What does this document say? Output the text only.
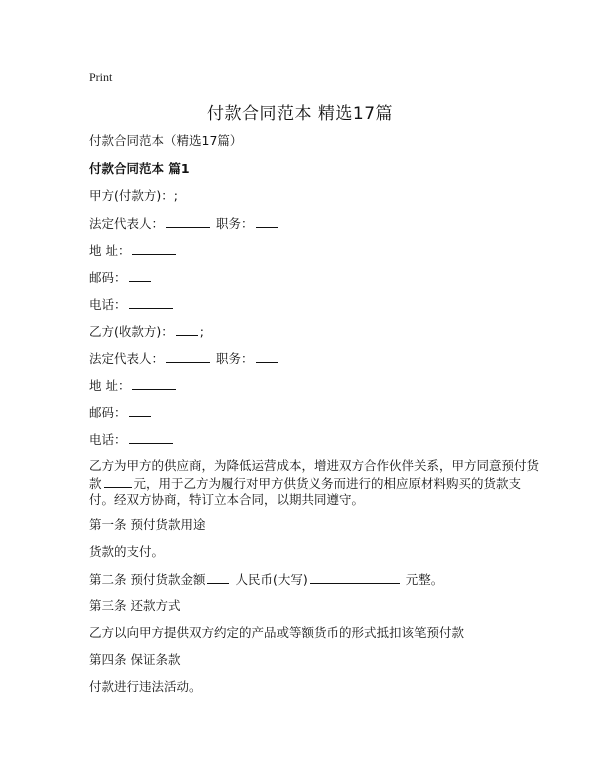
Print
付款合同范本 精选17篇
付款合同范本（精选17篇）
付款合同范本 篇1
甲方(付款方)：;
法定代表人：	职务：
地 址：
邮码：
电话：
乙方(收款方)： ;
法定代表人：	职务：
地 址：
邮码：
电话：
乙方为甲方的供应商，为降低运营成本，增进双方合作伙伴关系，甲方同意预付货
款	元，用于乙方为履行对甲方供货义务而进行的相应原材料购买的货款支
付。经双方协商，特订立本合同，以期共同遵守。
第一条 预付货款用途
货款的支付。
第二条 预付货款金额 人民币(大写)	元整。
第三条 还款方式
乙方以向甲方提供双方约定的产品或等额货币的形式抵扣该笔预付款
第四条 保证条款
付款进行违法活动。
